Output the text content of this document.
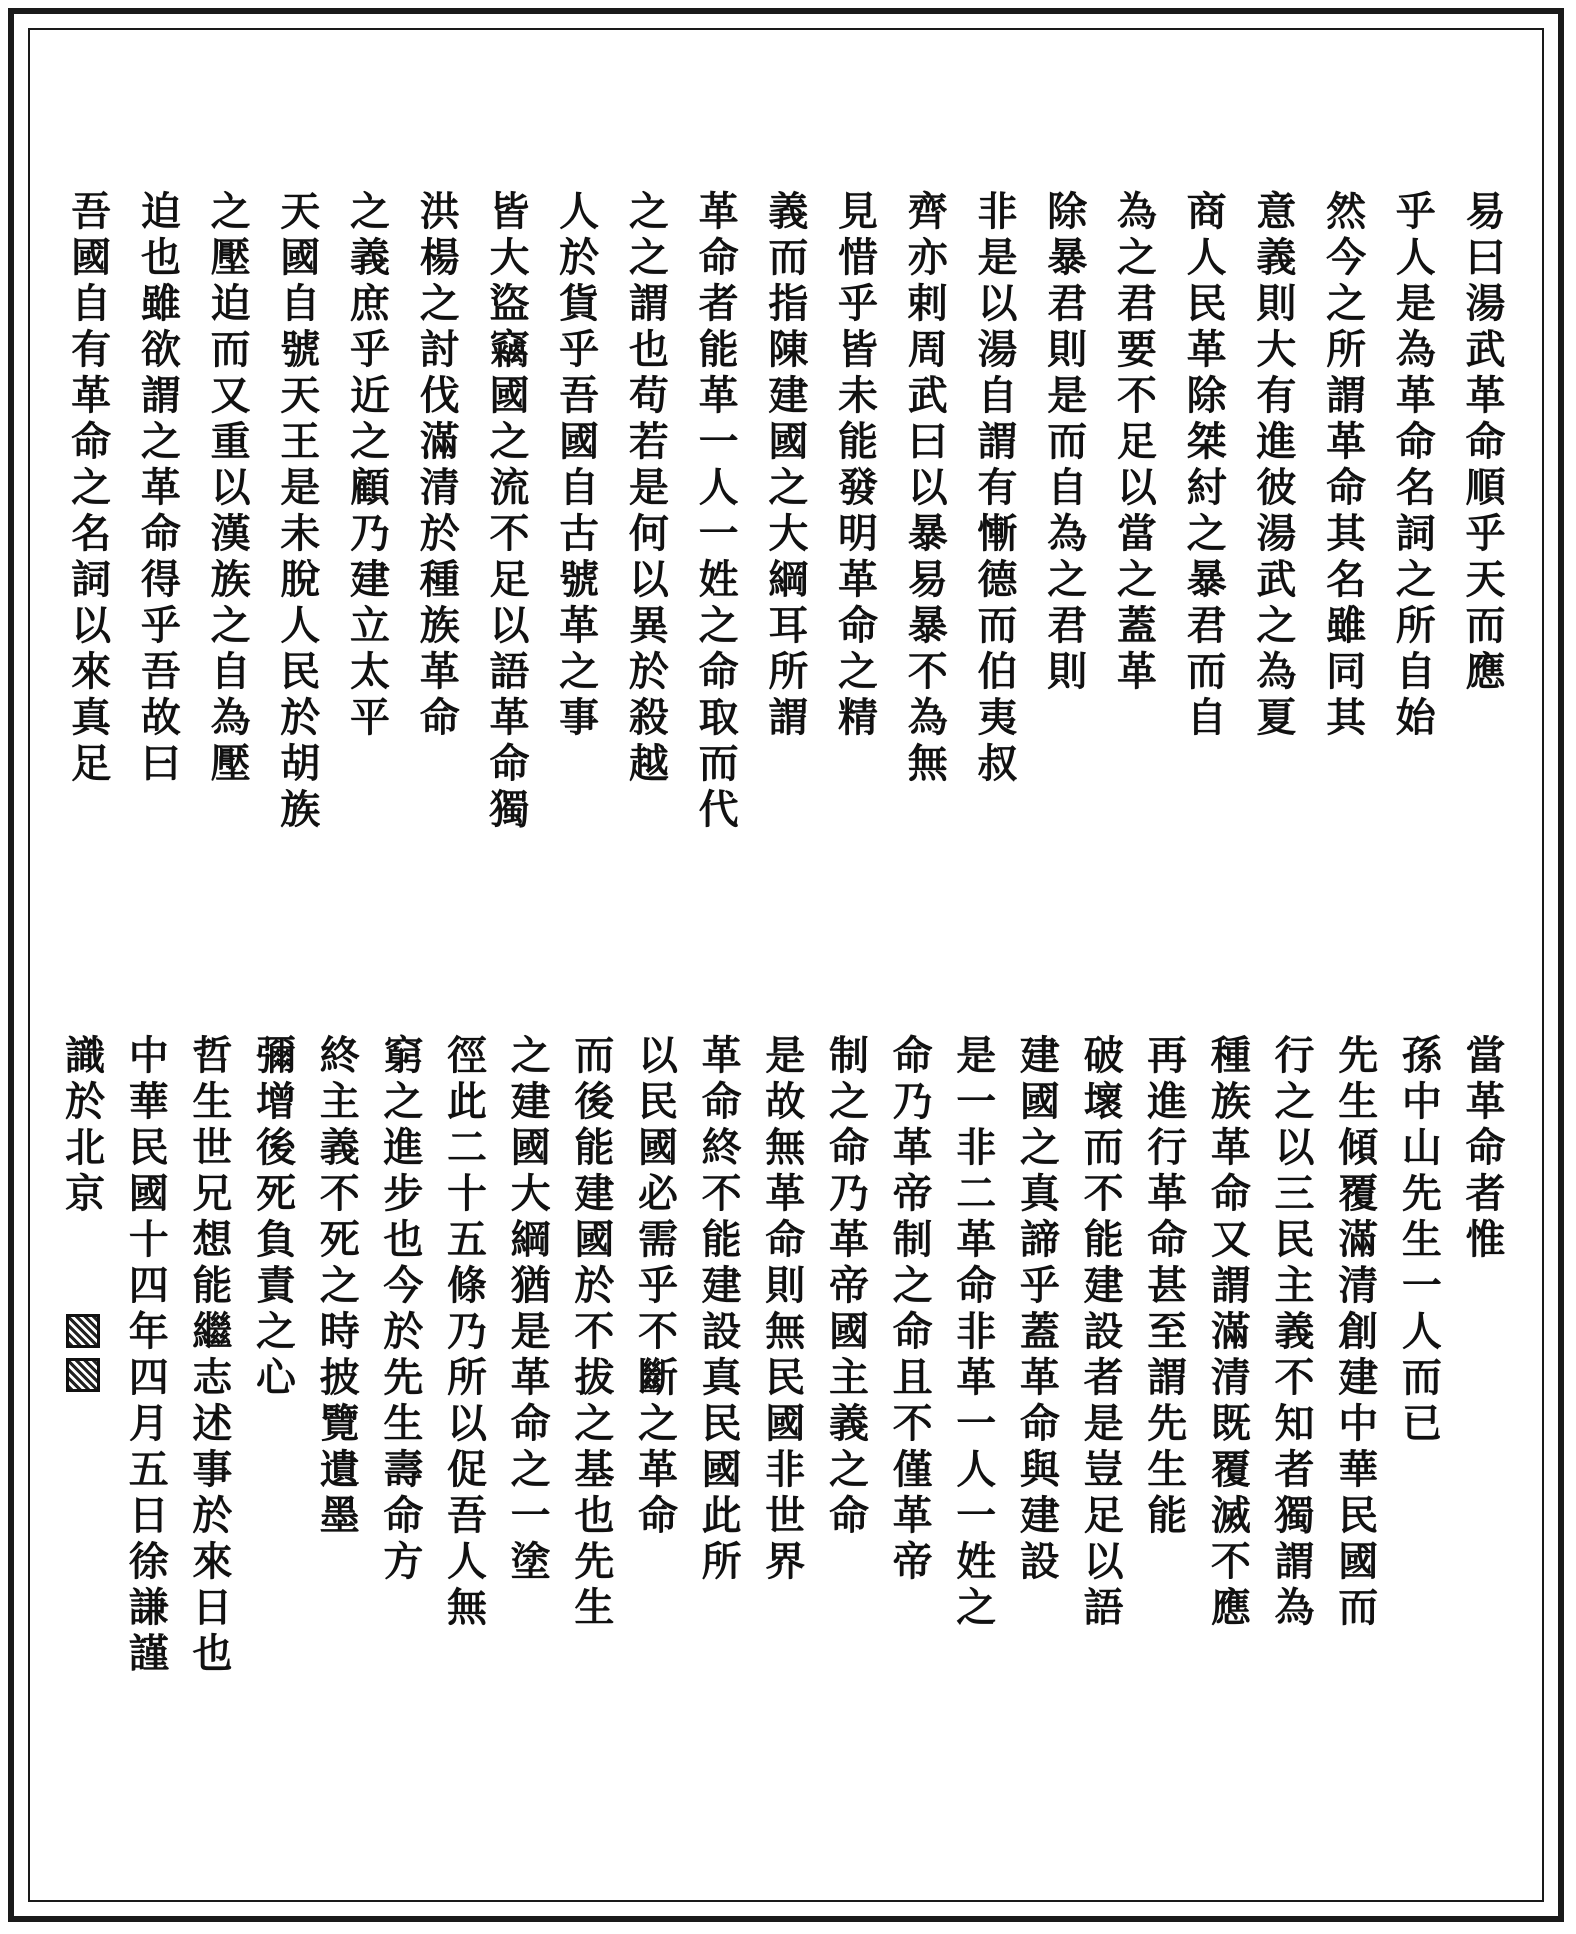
易曰湯武革命順乎天而應
乎人是為革命名詞之所自始
然今之所謂革命其名雖同其
意義則大有進彼湯武之為夏
商人民革除桀紂之暴君而自
為之君要不足以當之蓋革
除暴君則是而自為之君則
非是以湯自謂有慚德而伯夷叔
齊亦剌周武曰以暴易暴不為無
見惜乎皆未能發明革命之精
義而指陳建國之大綱耳所謂
革命者能革一人一姓之命取而代
之之謂也苟若是何以異於殺越
人於貨乎吾國自古號革之事
皆大盜竊國之流不足以語革命獨
洪楊之討伐滿清於種族革命
之義庶乎近之顧乃建立太平
天國自號天王是未脫人民於胡族
之壓迫而又重以漢族之自為壓
迫也雖欲謂之革命得乎吾故曰
吾國自有革命之名詞以來真足
當革命者惟
孫中山先生一人而已
先生傾覆滿清創建中華民國而
行之以三民主義不知者獨謂為
種族革命又謂滿清既覆滅不應
再進行革命甚至謂先生能
破壞而不能建設者是豈足以語
建國之真諦乎蓋革命與建設
是一非二革命非革一人一姓之
命乃革帝制之命且不僅革帝
制之命乃革帝國主義之命
是故無革命則無民國非世界
革命終不能建設真民國此所
以民國必需乎不斷之革命
而後能建國於不拔之基也先生
之建國大綱猶是革命之一塗
徑此二十五條乃所以促吾人無
窮之進步也今於先生壽命方
終主義不死之時披覽遺墨
彌增後死負責之心
哲生世兄想能繼志述事於來日也
中華民國十四年四月五日徐謙謹
識於北京
